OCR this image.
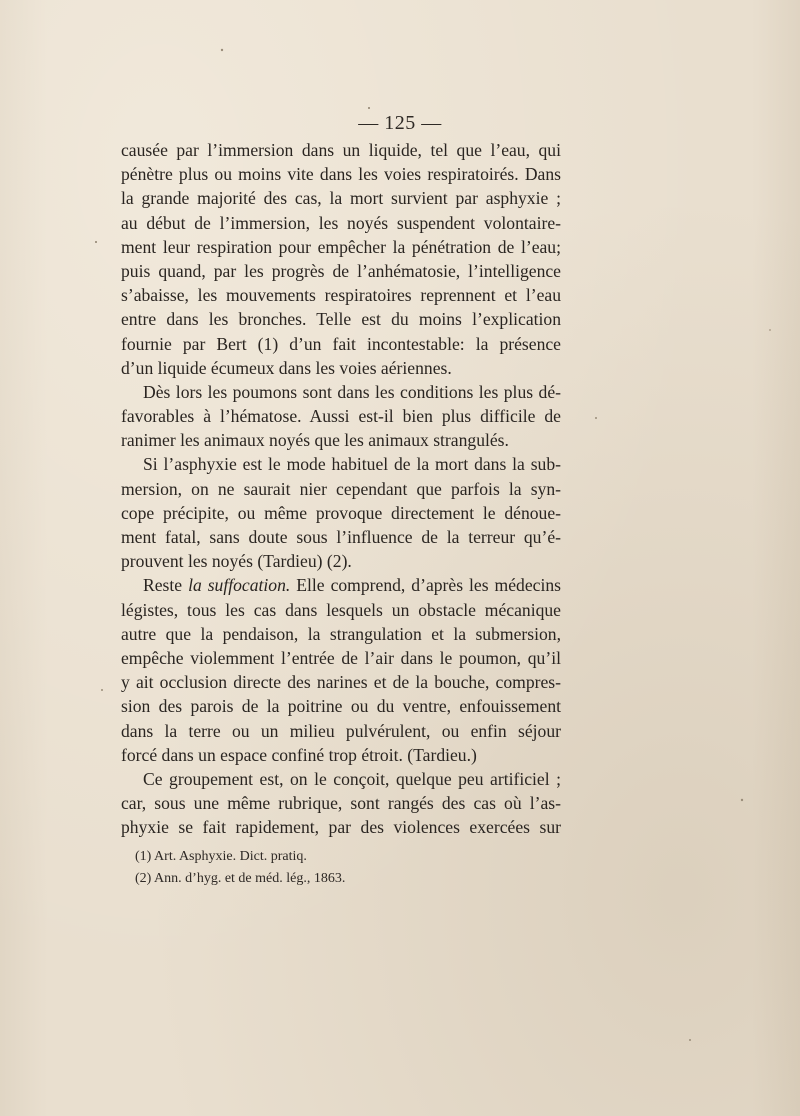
— 125 —
causée par l’immersion dans un liquide, tel que l’eau, qui
pénètre plus ou moins vite dans les voies respiratoirés. Dans
la grande majorité des cas, la mort survient par asphyxie ;
au début de l’immersion, les noyés suspendent volontaire-
ment leur respiration pour empêcher la pénétration de l’eau;
puis quand, par les progrès de l’anhématosie, l’intelligence
s’abaisse, les mouvements respiratoires reprennent et l’eau
entre dans les bronches. Telle est du moins l’explication
fournie par Bert (1) d’un fait incontestable: la présence
d’un liquide écumeux dans les voies aériennes.
Dès lors les poumons sont dans les conditions les plus dé-
favorables à l’hématose. Aussi est-il bien plus difficile de
ranimer les animaux noyés que les animaux strangulés.
Si l’asphyxie est le mode habituel de la mort dans la sub-
mersion, on ne saurait nier cependant que parfois la syn-
cope précipite, ou même provoque directement le dénoue-
ment fatal, sans doute sous l’influence de la terreur qu’é-
prouvent les noyés (Tardieu) (2).
Reste la suffocation. Elle comprend, d’après les médecins
légistes, tous les cas dans lesquels un obstacle mécanique
autre que la pendaison, la strangulation et la submersion,
empêche violemment l’entrée de l’air dans le poumon, qu’il
y ait occlusion directe des narines et de la bouche, compres-
sion des parois de la poitrine ou du ventre, enfouissement
dans la terre ou un milieu pulvérulent, ou enfin séjour
forcé dans un espace confiné trop étroit. (Tardieu.)
Ce groupement est, on le conçoit, quelque peu artificiel ;
car, sous une même rubrique, sont rangés des cas où l’as-
phyxie se fait rapidement, par des violences exercées sur
(1) Art. Asphyxie. Dict. pratiq.
(2) Ann. d’hyg. et de méd. lég., 1863.
